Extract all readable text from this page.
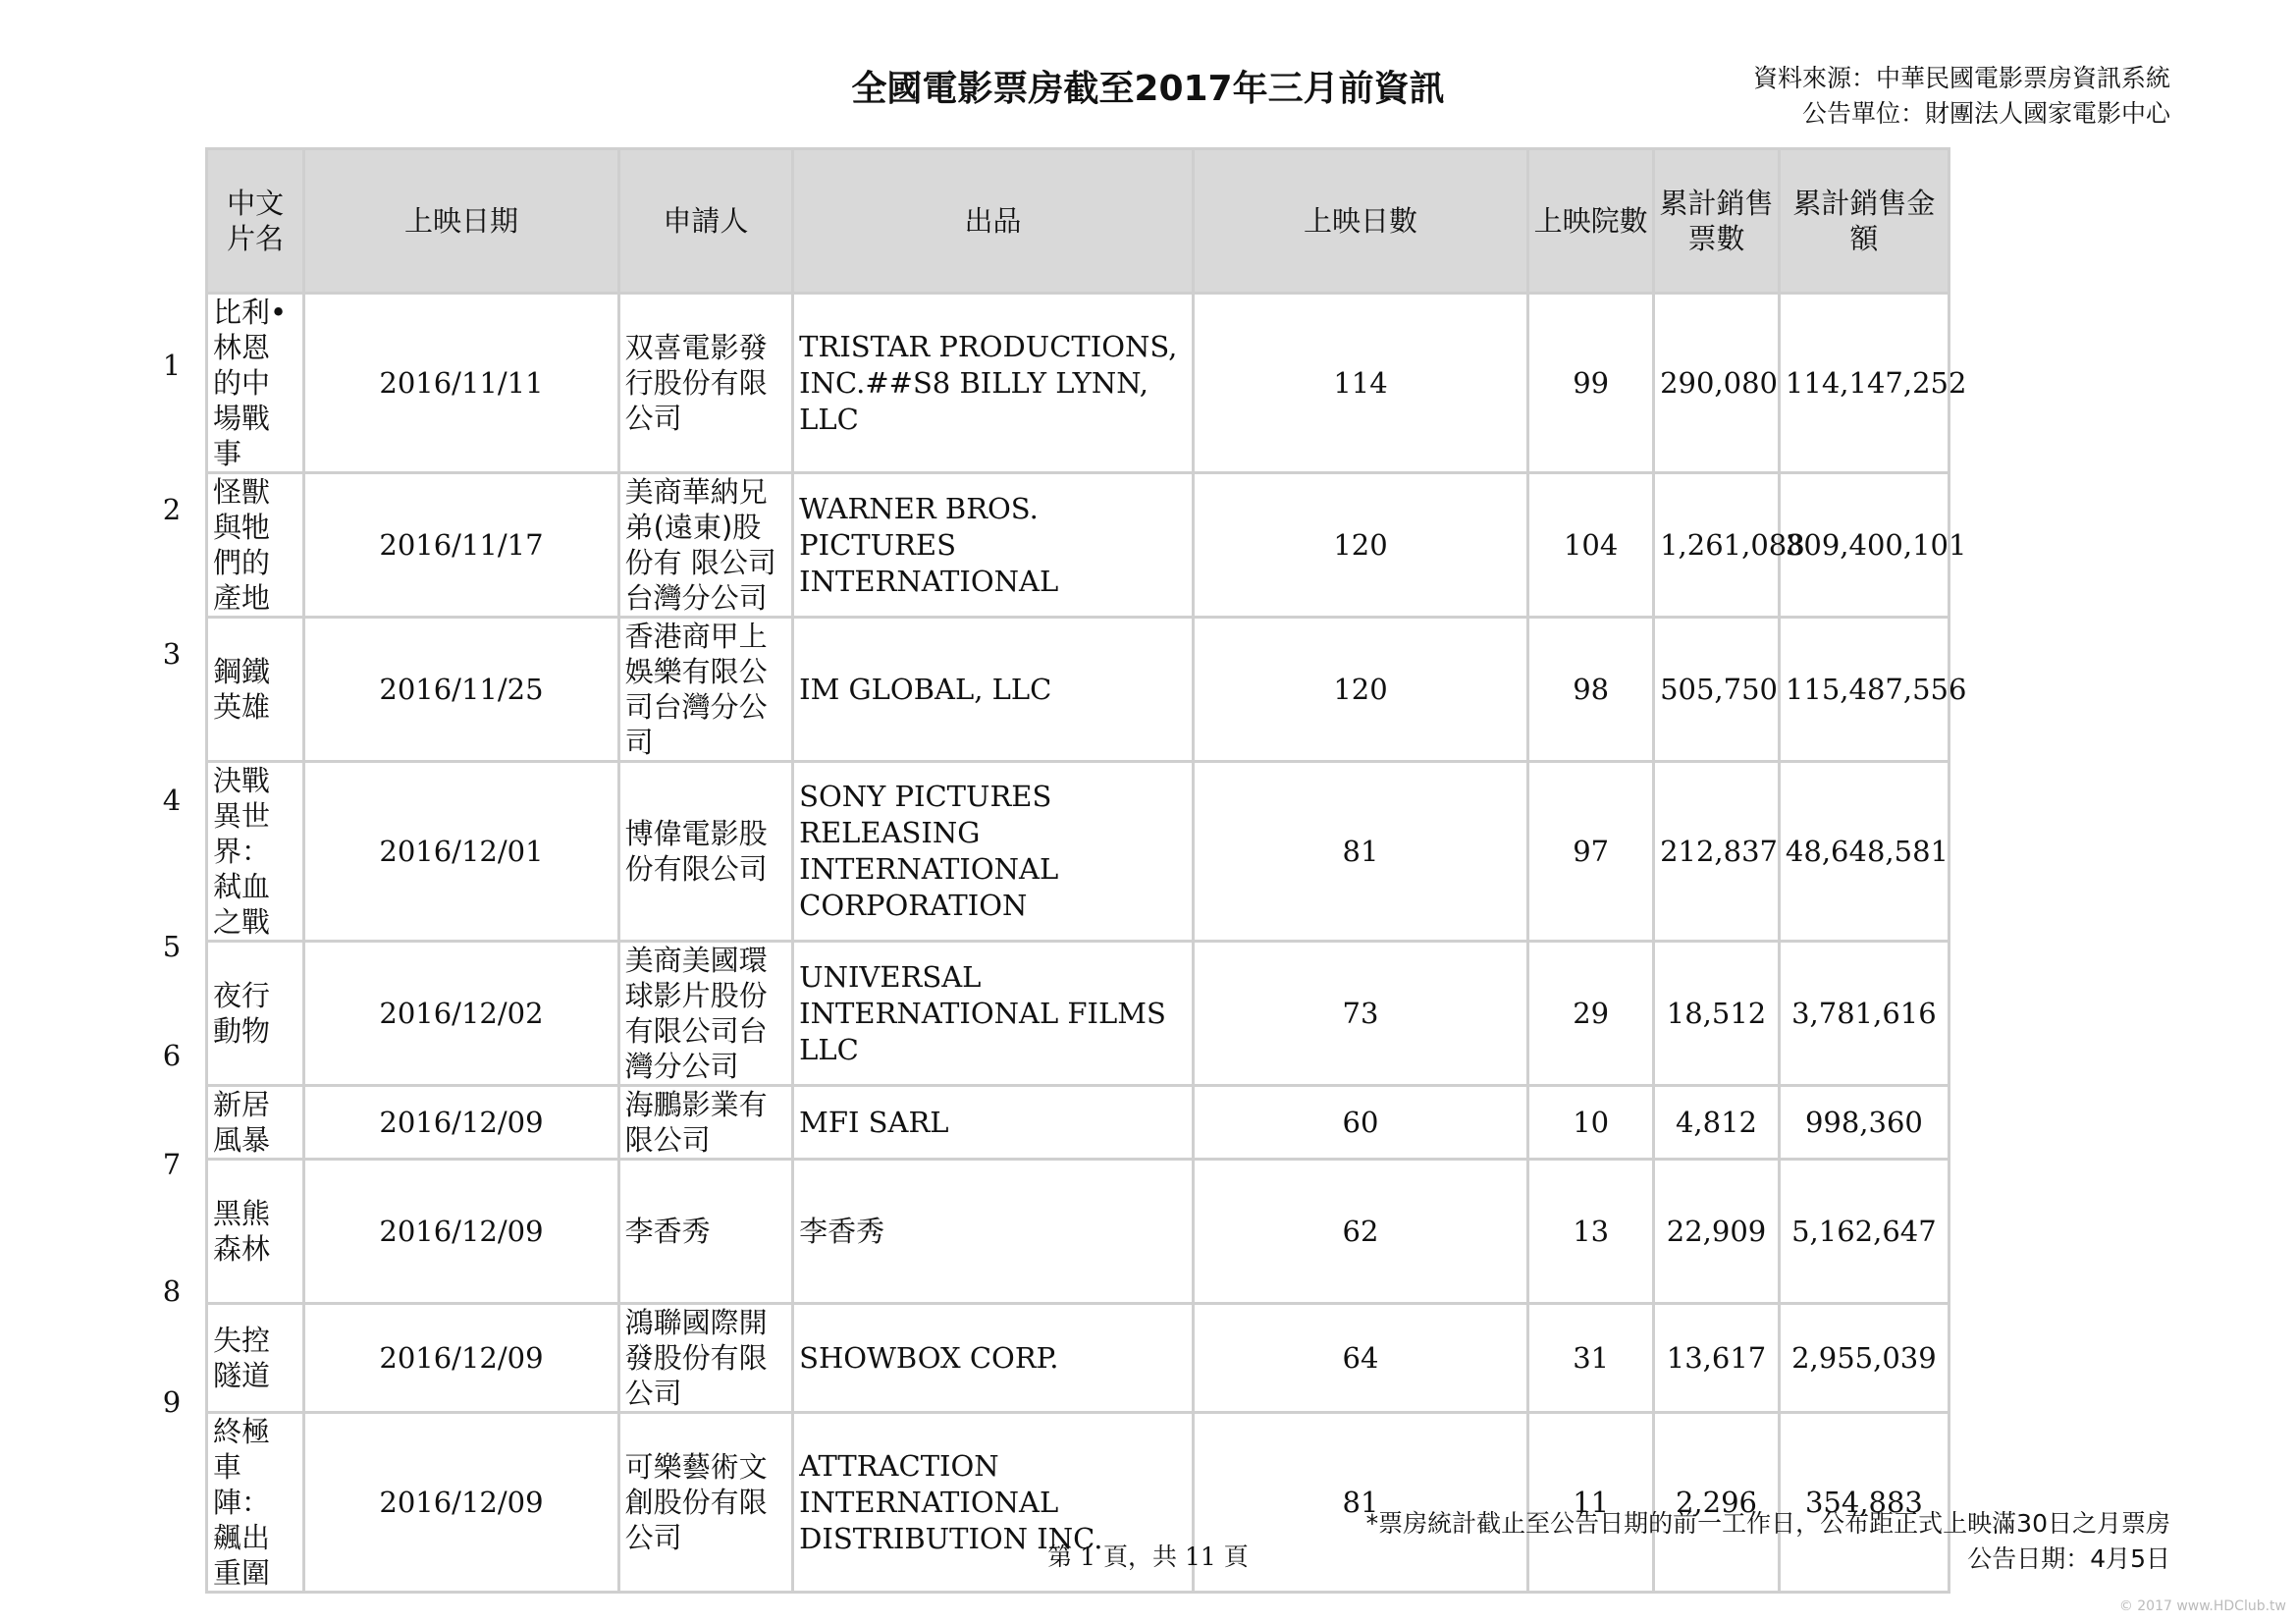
全國電影票房截至2017年三月前資訊	資料來源：中華民國電影票房資訊系統
公告單位：財團法人國家電影中心
	中文片名	上映日期	申請人	出品	上映日數	上映院數	累計銷售票數	累計銷售金額
	比利•林恩的中場戰事	2016/11/11	双喜電影發行股份有限公司	TRISTAR PRODUCTIONS, INC.##S8 BILLY LYNN, LLC	114	99	290,080	114,147,252
	怪獸與牠們的產地	2016/11/17	美商華納兄弟(遠東)股份有 限公司台灣分公司	WARNER BROS. PICTURES INTERNATIONAL	120	104	1,261,088	309,400,101
	鋼鐵英雄	2016/11/25	香港商甲上娛樂有限公司台灣分公司	IM GLOBAL, LLC	120	98	505,750	115,487,556
	決戰異世界：弒血之戰	2016/12/01	博偉電影股份有限公司	SONY PICTURES RELEASING INTERNATIONAL CORPORATION	81	97	212,837	48,648,581
	夜行動物	2016/12/02	美商美國環球影片股份有限公司台灣分公司	UNIVERSAL INTERNATIONAL FILMS LLC	73	29	18,512	3,781,616
	新居風暴	2016/12/09	海鵬影業有限公司	MFI SARL	60	10	4,812	998,360
	黑熊森林	2016/12/09	李香秀	李香秀	62	13	22,909	5,162,647
	失控隧道	2016/12/09	鴻聯國際開發股份有限公司	SHOWBOX CORP.	64	31	13,617	2,955,039
	終極車陣：飆出重圍	2016/12/09	可樂藝術文創股份有限公司	ATTRACTION INTERNATIONAL DISTRIBUTION INC.	81	11	2,296	354,883
*票房統計截止至公告日期的前一工作日，公布距正式上映滿30日之月票房
公告日期：4月5日
第 1 頁，共 11 頁
© 2017 www.HDClub.tw
1
2
3
4
5
6
7
8
9
